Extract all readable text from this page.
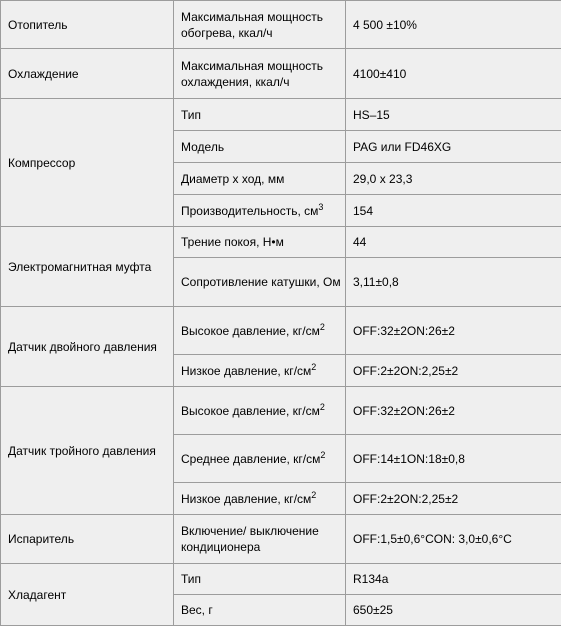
Отопитель	Максимальная мощность обогрева, ккал/ч	4 500 ±10%
Охлаждение	Максимальная мощность охлаждения, ккал/ч	4100±410
Компрессор	Тип	HS–15
	Модель	PAG или FD46XG
	Диаметр х ход, мм	29,0 х 23,3
	Производительность, $см^3$	154
Электромагнитная муфта	Трение покоя, Н•м	44
	Сопротивление катушки, Ом	3,11±0,8
Датчик двойного давления	Высокое давление, $кг/см^2$	OFF:32±2ON:26±2
	Низкое давление, $кг/см^2$	OFF:2±2ON:2,25±2
Датчик тройного давления	Высокое давление, $кг/см^2$	OFF:32±2ON:26±2
	Среднее давление, $кг/см^2$	OFF:14±1ON:18±0,8
	Низкое давление, $кг/см^2$	OFF:2±2ON:2,25±2
Испаритель	Включение/ выключение кондиционера	OFF:1,5±0,6°CON: 3,0±0,6°C
Хладагент	Тип	R134a
	Вес, г	650±25
